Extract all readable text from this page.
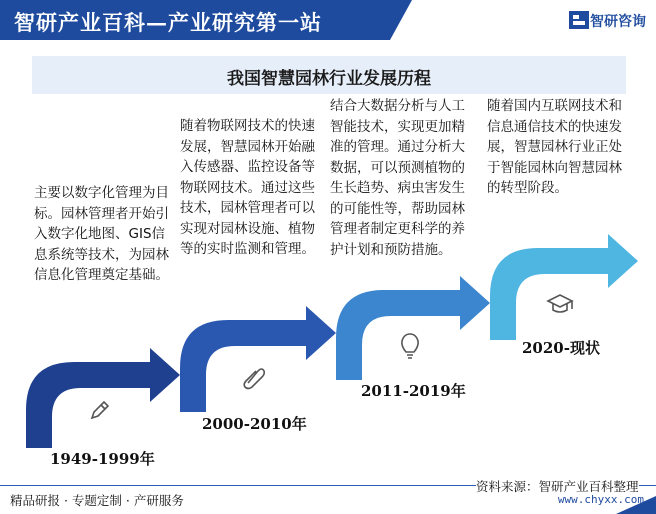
智研产业百科—产业研究第一站	智研咨询
我国智慧园林行业发展历程
主要以数字化管理为目标。园林管理者开始引入数字化地图、GIS信息系统等技术，为园林信息化管理奠定基础。
随着物联网技术的快速发展，智慧园林开始融入传感器、监控设备等物联网技术。通过这些技术，园林管理者可以实现对园林设施、植物等的实时监测和管理。
结合大数据分析与人工智能技术，实现更加精准的管理。通过分析大数据，可以预测植物的生长趋势、病虫害发生的可能性等，帮助园林管理者制定更科学的养护计划和预防措施。
随着国内互联网技术和信息通信技术的快速发展，智慧园林行业正处于智能园林向智慧园林的转型阶段。
1949-1999年
2000-2010年
2011-2019年
2020-现状
资料来源：智研产业百科整理
精品研报 · 专题定制 · 产研服务	www.chyxx.com
